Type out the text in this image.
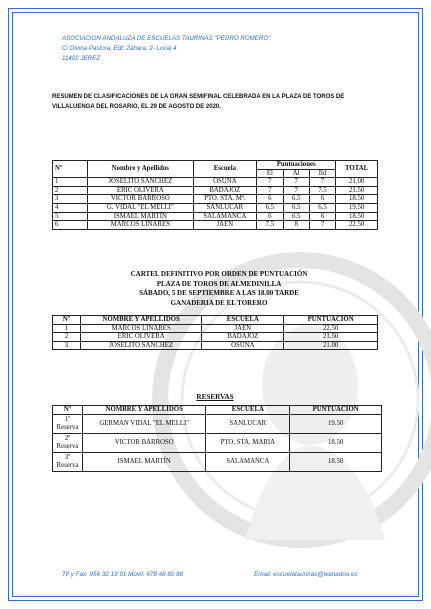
ASOCIACION ANDALUZA DE ESCUELAS TAURINAS "PEDRO ROMERO"
C/ Divina Pastora, Edf. Zahara, 2- Local 4
11402 JEREZ
RESUMEN DE CLASIFICACIONES DE LA GRAN SEMIFINAL CELEBRADA EN LA PLAZA DE TOROS DE VILLALUENGA DEL ROSARIO, EL 29 DE AGOSTO DE 2020.
Nº	Nombre y Apellidos	Escuela	Puntuaciones			TOTAL
			El	Al	Ild	
1	JOSELITO SANCHEZ	OSUNA	7	7	7	21.00
2	ERIC OLIVERA	BADAJOZ	7	7	7.5	21.50
3	VICTOR BARROSO	PTO. STA. Mª.	6	6.5	6	18.50
4	G. VIDAL "EL MELLI"	SANLUCAR	6.5	6.5	6.5	19.50
5	ISMAEL MARTÍN	SALAMANCA	6	6.5	6	18.50
6	MARCOS LINARES	JAEN	7.5	8	7	22.50
CARTEL DEFINITIVO POR ORDEN DE PUNTUACIÓN
PLAZA DE TOROS DE ALMEDINILLA
SÁBADO, 5 DE SEPTIEMBRE A LAS 18.00 TARDE
GANADERIA DE EL TORERO
Nº	NOMBRE Y APELLIDOS	ESCUELA	PUNTUACION
1	MARCOS LINARES	JAEN	22.50
2	ERIC OLIVERA	BADAJOZ	21.50
3	JOSELITO SANCHEZ	OSUNA	21.00
RESERVAS
Nº	NOMBRE Y APELLIDOS	ESCUELA	PUNTUACION
1º
Reserva	GERMAN VIDAL "EL MELLI"	SANLUCAR	19.50
2º
Reserva	VICTOR BARROSO	PTO. STA. MARIA	18.50
3º
Reserva	ISMAEL MARTÍN	SALAMANCA	18.50
Tlf y Fax: 956 32 19 91 Movil: 678 48 80 88	Email: escuelataurinas@wanadoo.es
